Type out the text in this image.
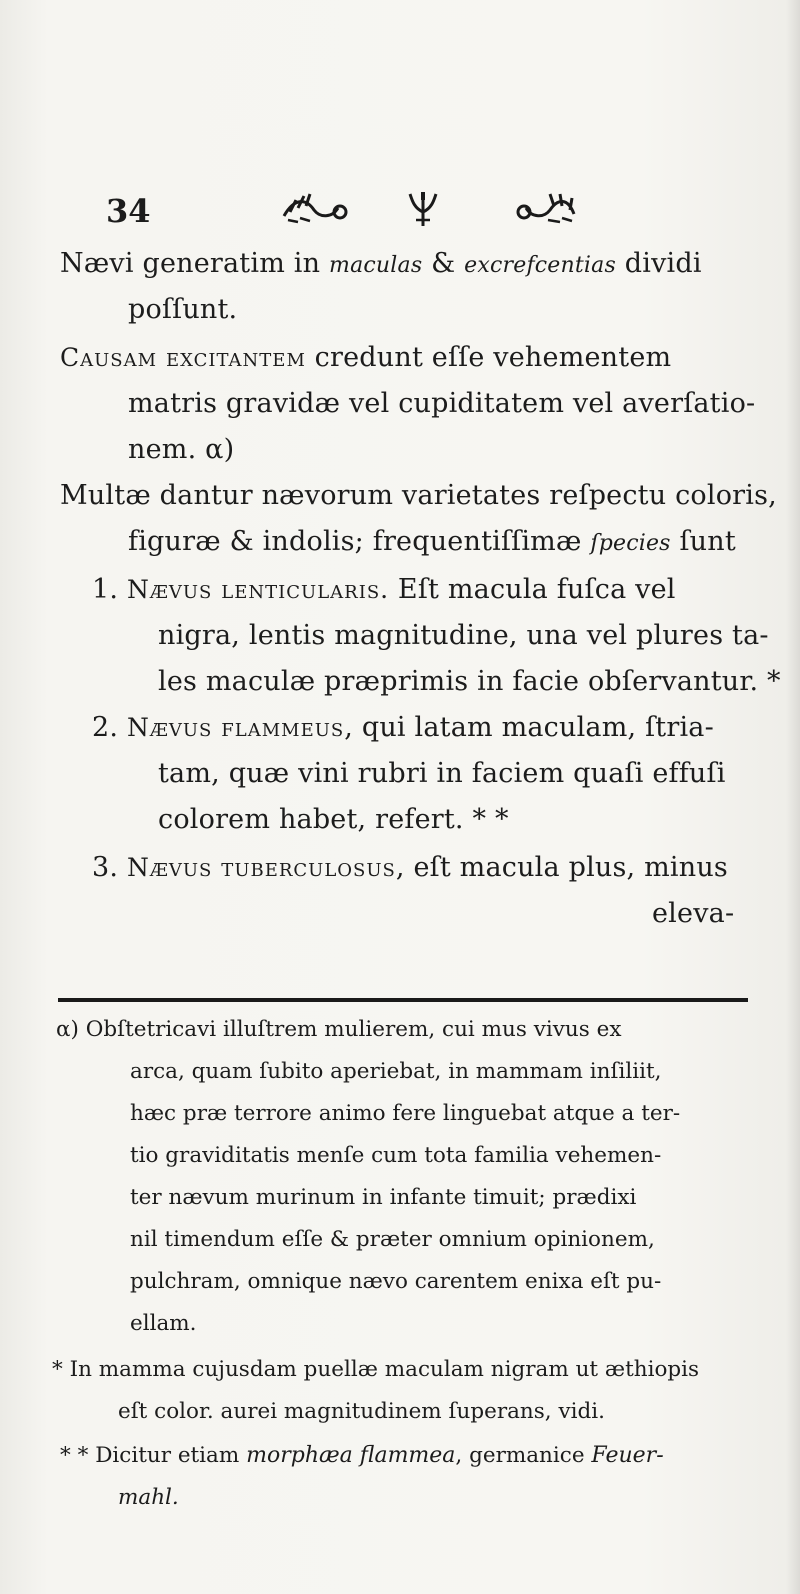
34
Nævi generatim in maculas & excrefcentias dividi
poſſunt.
Causam excitantem credunt eſſe vehementem
matris gravidæ vel cupiditatem vel averſatio-
nem. α)
Multæ dantur nævorum varietates reſpectu coloris,
figuræ & indolis; frequentiſſimæ ſpecies ſunt
1. Nævus lenticularis. Eſt macula fuſca vel
nigra, lentis magnitudine, una vel plures ta-
les maculæ præprimis in facie obſervantur. *
2. Nævus flammeus, qui latam maculam, ſtria-
tam, quæ vini rubri in faciem quaſi effuſi
colorem habet, refert. * *
3. Nævus tuberculosus, eſt macula plus, minus
eleva-
α) Obſtetricavi illuſtrem mulierem, cui mus vivus ex
arca, quam ſubito aperiebat, in mammam inſiliit,
hæc præ terrore animo fere linguebat atque a ter-
tio graviditatis menſe cum tota familia vehemen-
ter nævum murinum in infante timuit; prædixi
nil timendum eſſe & præter omnium opinionem,
pulchram, omnique nævo carentem enixa eſt pu-
ellam.
* In mamma cujusdam puellæ maculam nigram ut æthiopis
eſt color. aurei magnitudinem ſuperans, vidi.
* * Dicitur etiam morphæa flammea, germanice Feuer-
mahl.
